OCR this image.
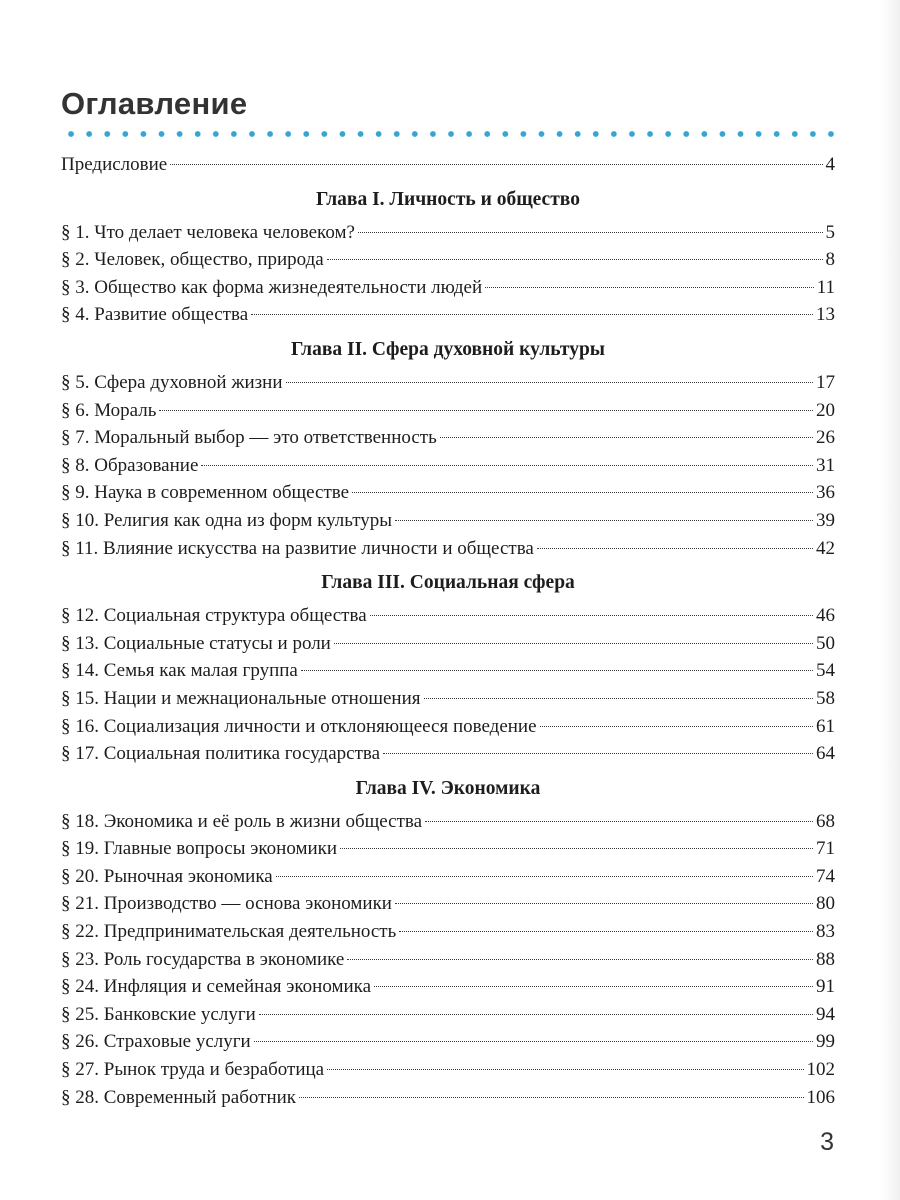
Оглавление
Предисловие	4
Глава I. Личность и общество
§ 1. Что делает человека человеком?	5
§ 2. Человек, общество, природа	8
§ 3. Общество как форма жизнедеятельности людей	11
§ 4. Развитие общества	13
Глава II. Сфера духовной культуры
§ 5. Сфера духовной жизни	17
§ 6. Мораль	20
§ 7. Моральный выбор — это ответственность	26
§ 8. Образование	31
§ 9. Наука в современном обществе	36
§ 10. Религия как одна из форм культуры	39
§ 11. Влияние искусства на развитие личности и общества	42
Глава III. Социальная сфера
§ 12. Социальная структура общества	46
§ 13. Социальные статусы и роли	50
§ 14. Семья как малая группа	54
§ 15. Нации и межнациональные отношения	58
§ 16. Социализация личности и отклоняющееся поведение	61
§ 17. Социальная политика государства	64
Глава IV. Экономика
§ 18. Экономика и её роль в жизни общества	68
§ 19. Главные вопросы экономики	71
§ 20. Рыночная экономика	74
§ 21. Производство — основа экономики	80
§ 22. Предпринимательская деятельность	83
§ 23. Роль государства в экономике	88
§ 24. Инфляция и семейная экономика	91
§ 25. Банковские услуги	94
§ 26. Страховые услуги	99
§ 27. Рынок труда и безработица	102
§ 28. Современный работник	106
3
